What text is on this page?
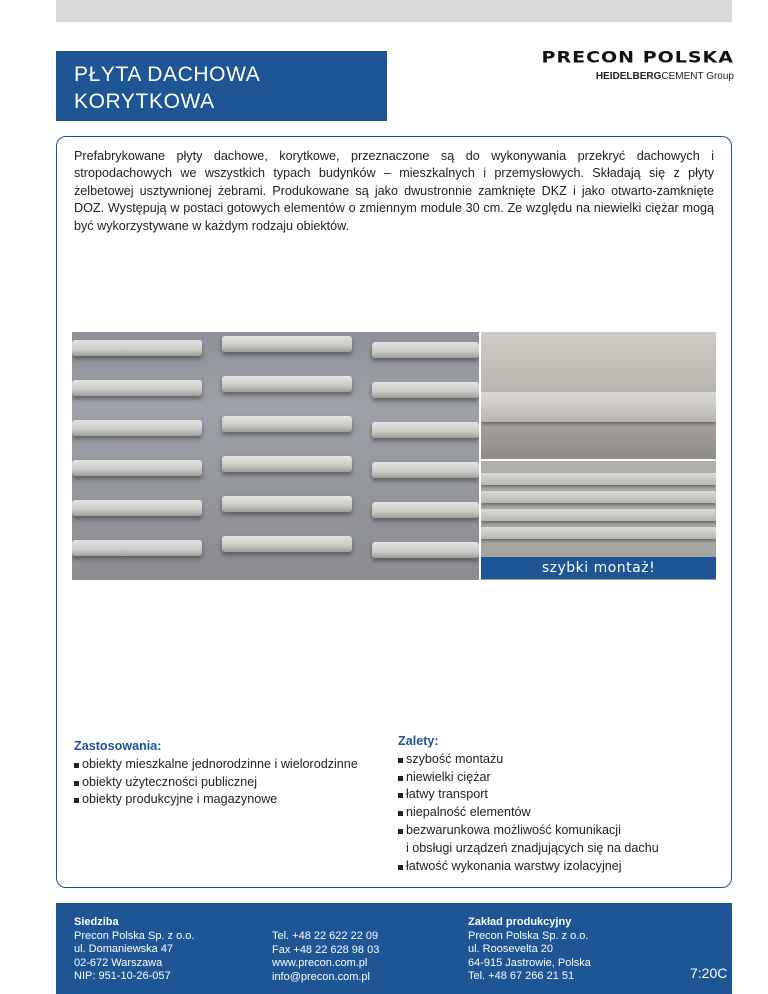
PŁYTA DACHOWA
KORYTKOWA
PRECON POLSKA
HEIDELBERGCEMENT Group

Prefabrykowane płyty dachowe, korytkowe, przeznaczone są do wykonywania przekryć dachowych i stropodachowych we wszystkich typach budynków – mieszkalnych i przemysłowych. Składają się z płyty żelbetowej usztywnionej żebrami. Produkowane są jako dwustronnie zamknięte DKZ i jako otwarto-zamknięte DOZ. Występują w postaci gotowych elementów o zmiennym module 30 cm. Ze względu na niewielki ciężar mogą być wykorzystywane w każdym rodzaju obiektów.

szybki montaż!
Zastosowania:
obiekty mieszkalne jednorodzinne i wielorodzinne
obiekty użyteczności publicznej
obiekty produkcyjne i magazynowe
Zalety:
szybość montażu
niewielki ciężar
łatwy transport
niepalność elementów
bezwarunkowa możliwość komunikacji
i obsługi urządzeń znadjujących się na dachu
łatwość wykonania warstwy izolacyjnej
Siedziba
Precon Polska Sp. z o.o.
ul. Domaniewska 47
02-672 Warszawa
NIP: 951-10-26-057
Tel. +48 22 622 22 09
Fax +48 22 628 98 03
www.precon.com.pl
info@precon.com.pl
Zakład produkcyjny
Precon Polska Sp. z o.o.
ul. Roosevelta 20
64-915 Jastrowie, Polska
Tel. +48 67 266 21 51	7:20C
